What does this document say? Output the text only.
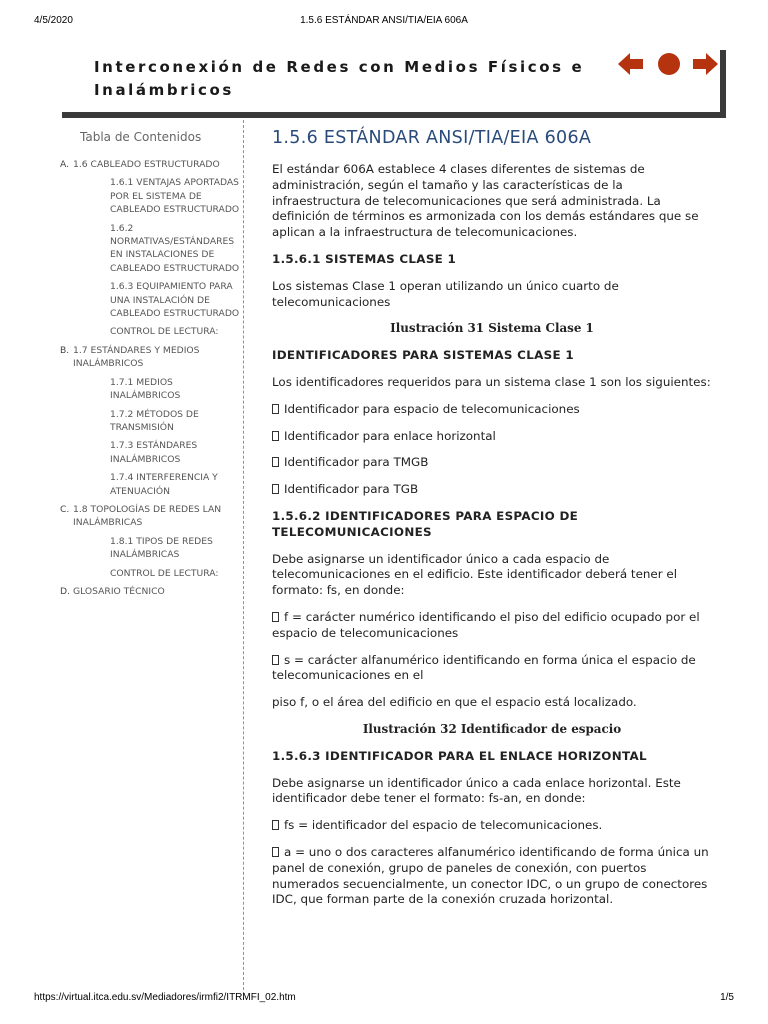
4/5/2020	1.5.6 ESTÁNDAR ANSI/TIA/EIA 606A
Interconexión de Redes con Medios Físicos e Inalámbricos
Tabla de Contenidos
A. 1.6 CABLEADO ESTRUCTURADO
1.6.1 VENTAJAS APORTADAS POR EL SISTEMA DE CABLEADO ESTRUCTURADO
1.6.2 NORMATIVAS/ESTÁNDARES EN INSTALACIONES DE CABLEADO ESTRUCTURADO
1.6.3 EQUIPAMIENTO PARA UNA INSTALACIÓN DE CABLEADO ESTRUCTURADO
CONTROL DE LECTURA:
B. 1.7 ESTÁNDARES Y MEDIOS INALÁMBRICOS
1.7.1 MEDIOS INALÁMBRICOS
1.7.2 MÉTODOS DE TRANSMISIÓN
1.7.3 ESTÁNDARES INALÁMBRICOS
1.7.4 INTERFERENCIA Y ATENUACIÓN
C. 1.8 TOPOLOGÍAS DE REDES LAN INALÁMBRICAS
1.8.1 TIPOS DE REDES INALÁMBRICAS
CONTROL DE LECTURA:
D. GLOSARIO TÉCNICO
1.5.6 ESTÁNDAR ANSI/TIA/EIA 606A
El estándar 606A establece 4 clases diferentes de sistemas de administración, según el tamaño y las características de la infraestructura de telecomunicaciones que será administrada. La definición de términos es armonizada con los demás estándares que se aplican a la infraestructura de telecomunicaciones.
1.5.6.1 SISTEMAS CLASE 1
Los sistemas Clase 1 operan utilizando un único cuarto de telecomunicaciones
Ilustración 31 Sistema Clase 1
IDENTIFICADORES PARA SISTEMAS CLASE 1
Los identificadores requeridos para un sistema clase 1 son los siguientes:
Identificador para espacio de telecomunicaciones
Identificador para enlace horizontal
Identificador para TMGB
Identificador para TGB
1.5.6.2 IDENTIFICADORES PARA ESPACIO DE TELECOMUNICACIONES
Debe asignarse un identificador único a cada espacio de telecomunicaciones en el edificio. Este identificador deberá tener el formato: fs, en donde:
f = carácter numérico identificando el piso del edificio ocupado por el espacio de telecomunicaciones
s = carácter alfanumérico identificando en forma única el espacio de telecomunicaciones en el
piso f, o el área del edificio en que el espacio está localizado.
Ilustración 32 Identificador de espacio
1.5.6.3 IDENTIFICADOR PARA EL ENLACE HORIZONTAL
Debe asignarse un identificador único a cada enlace horizontal. Este identificador debe tener el formato: fs-an, en donde:
fs = identificador del espacio de telecomunicaciones.
a = uno o dos caracteres alfanumérico identificando de forma única un panel de conexión, grupo de paneles de conexión, con puertos numerados secuencialmente, un conector IDC, o un grupo de conectores IDC, que forman parte de la conexión cruzada horizontal.
https://virtual.itca.edu.sv/Mediadores/irmfi2/ITRMFI_02.htm	1/5
